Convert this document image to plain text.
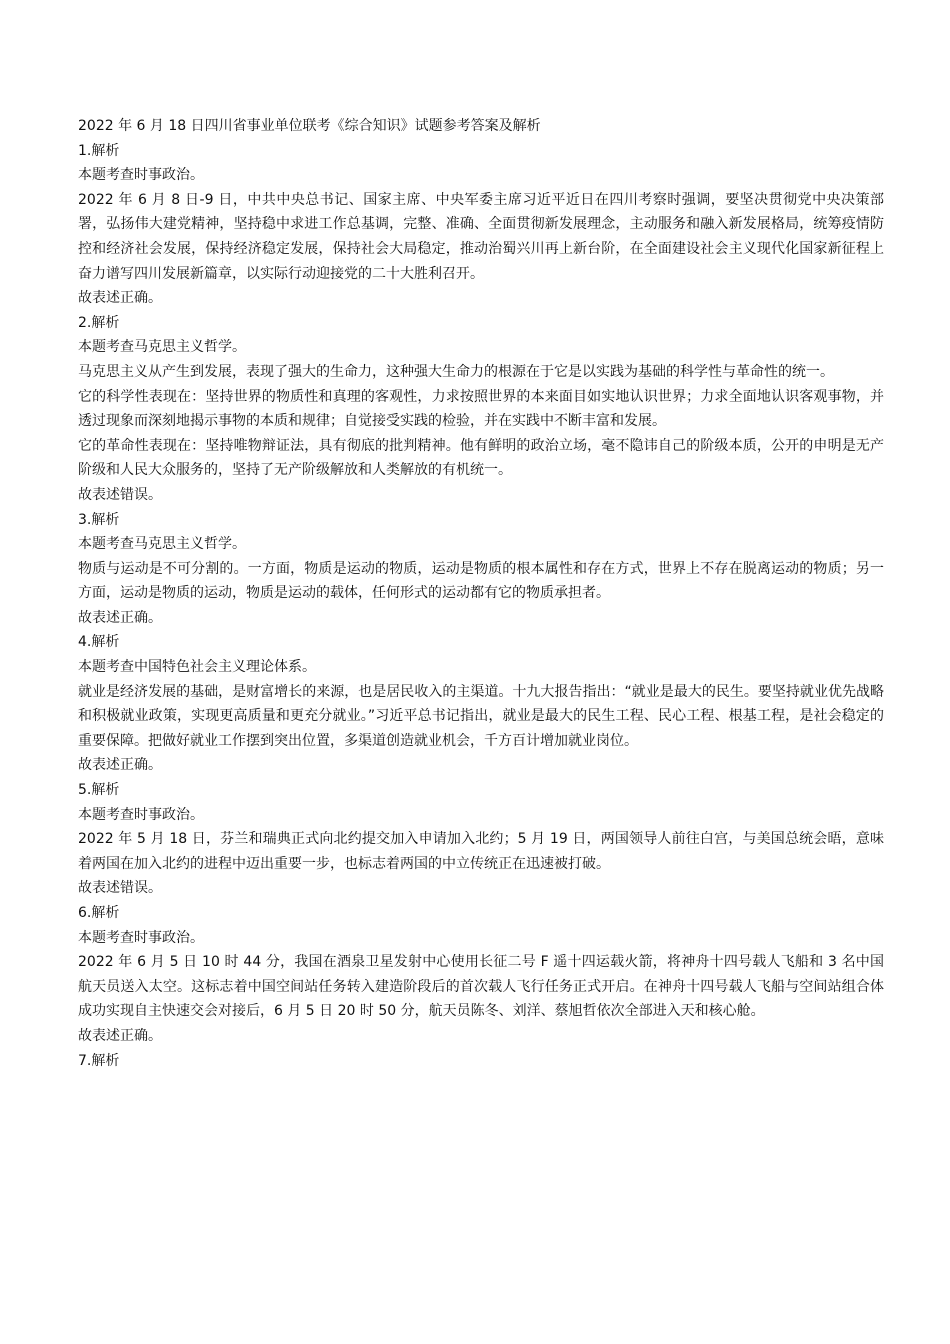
2022 年 6 月 18 日四川省事业单位联考《综合知识》试题参考答案及解析

1.解析

本题考查时事政治。

2022 年 6 月 8 日-9 日，中共中央总书记、国家主席、中央军委主席习近平近日在四川考察时强调，要坚决贯彻党中央决策部署，弘扬伟大建党精神，坚持稳中求进工作总基调，完整、准确、全面贯彻新发展理念，主动服务和融入新发展格局，统筹疫情防控和经济社会发展，保持经济稳定发展，保持社会大局稳定，推动治蜀兴川再上新台阶，在全面建设社会主义现代化国家新征程上奋力谱写四川发展新篇章，以实际行动迎接党的二十大胜利召开。

故表述正确。

2.解析

本题考查马克思主义哲学。

马克思主义从产生到发展，表现了强大的生命力，这种强大生命力的根源在于它是以实践为基础的科学性与革命性的统一。

它的科学性表现在：坚持世界的物质性和真理的客观性，力求按照世界的本来面目如实地认识世界；力求全面地认识客观事物，并透过现象而深刻地揭示事物的本质和规律；自觉接受实践的检验，并在实践中不断丰富和发展。

它的革命性表现在：坚持唯物辩证法，具有彻底的批判精神。他有鲜明的政治立场，毫不隐讳自己的阶级本质，公开的申明是无产阶级和人民大众服务的，坚持了无产阶级解放和人类解放的有机统一。

故表述错误。

3.解析

本题考查马克思主义哲学。

物质与运动是不可分割的。一方面，物质是运动的物质，运动是物质的根本属性和存在方式，世界上不存在脱离运动的物质；另一方面，运动是物质的运动，物质是运动的载体，任何形式的运动都有它的物质承担者。

故表述正确。

4.解析

本题考查中国特色社会主义理论体系。

就业是经济发展的基础，是财富增长的来源，也是居民收入的主渠道。十九大报告指出：“就业是最大的民生。要坚持就业优先战略和积极就业政策，实现更高质量和更充分就业。”习近平总书记指出，就业是最大的民生工程、民心工程、根基工程，是社会稳定的重要保障。把做好就业工作摆到突出位置，多渠道创造就业机会，千方百计增加就业岗位。

故表述正确。

5.解析

本题考查时事政治。

2022 年 5 月 18 日，芬兰和瑞典正式向北约提交加入申请加入北约；5 月 19 日，两国领导人前往白宫，与美国总统会晤，意味着两国在加入北约的进程中迈出重要一步，也标志着两国的中立传统正在迅速被打破。

故表述错误。

6.解析

本题考查时事政治。

2022 年 6 月 5 日 10 时 44 分，我国在酒泉卫星发射中心使用长征二号 F 遥十四运载火箭，将神舟十四号载人飞船和 3 名中国航天员送入太空。这标志着中国空间站任务转入建造阶段后的首次载人飞行任务正式开启。在神舟十四号载人飞船与空间站组合体成功实现自主快速交会对接后，6 月 5 日 20 时 50 分，航天员陈冬、刘洋、蔡旭哲依次全部进入天和核心舱。

故表述正确。

7.解析
